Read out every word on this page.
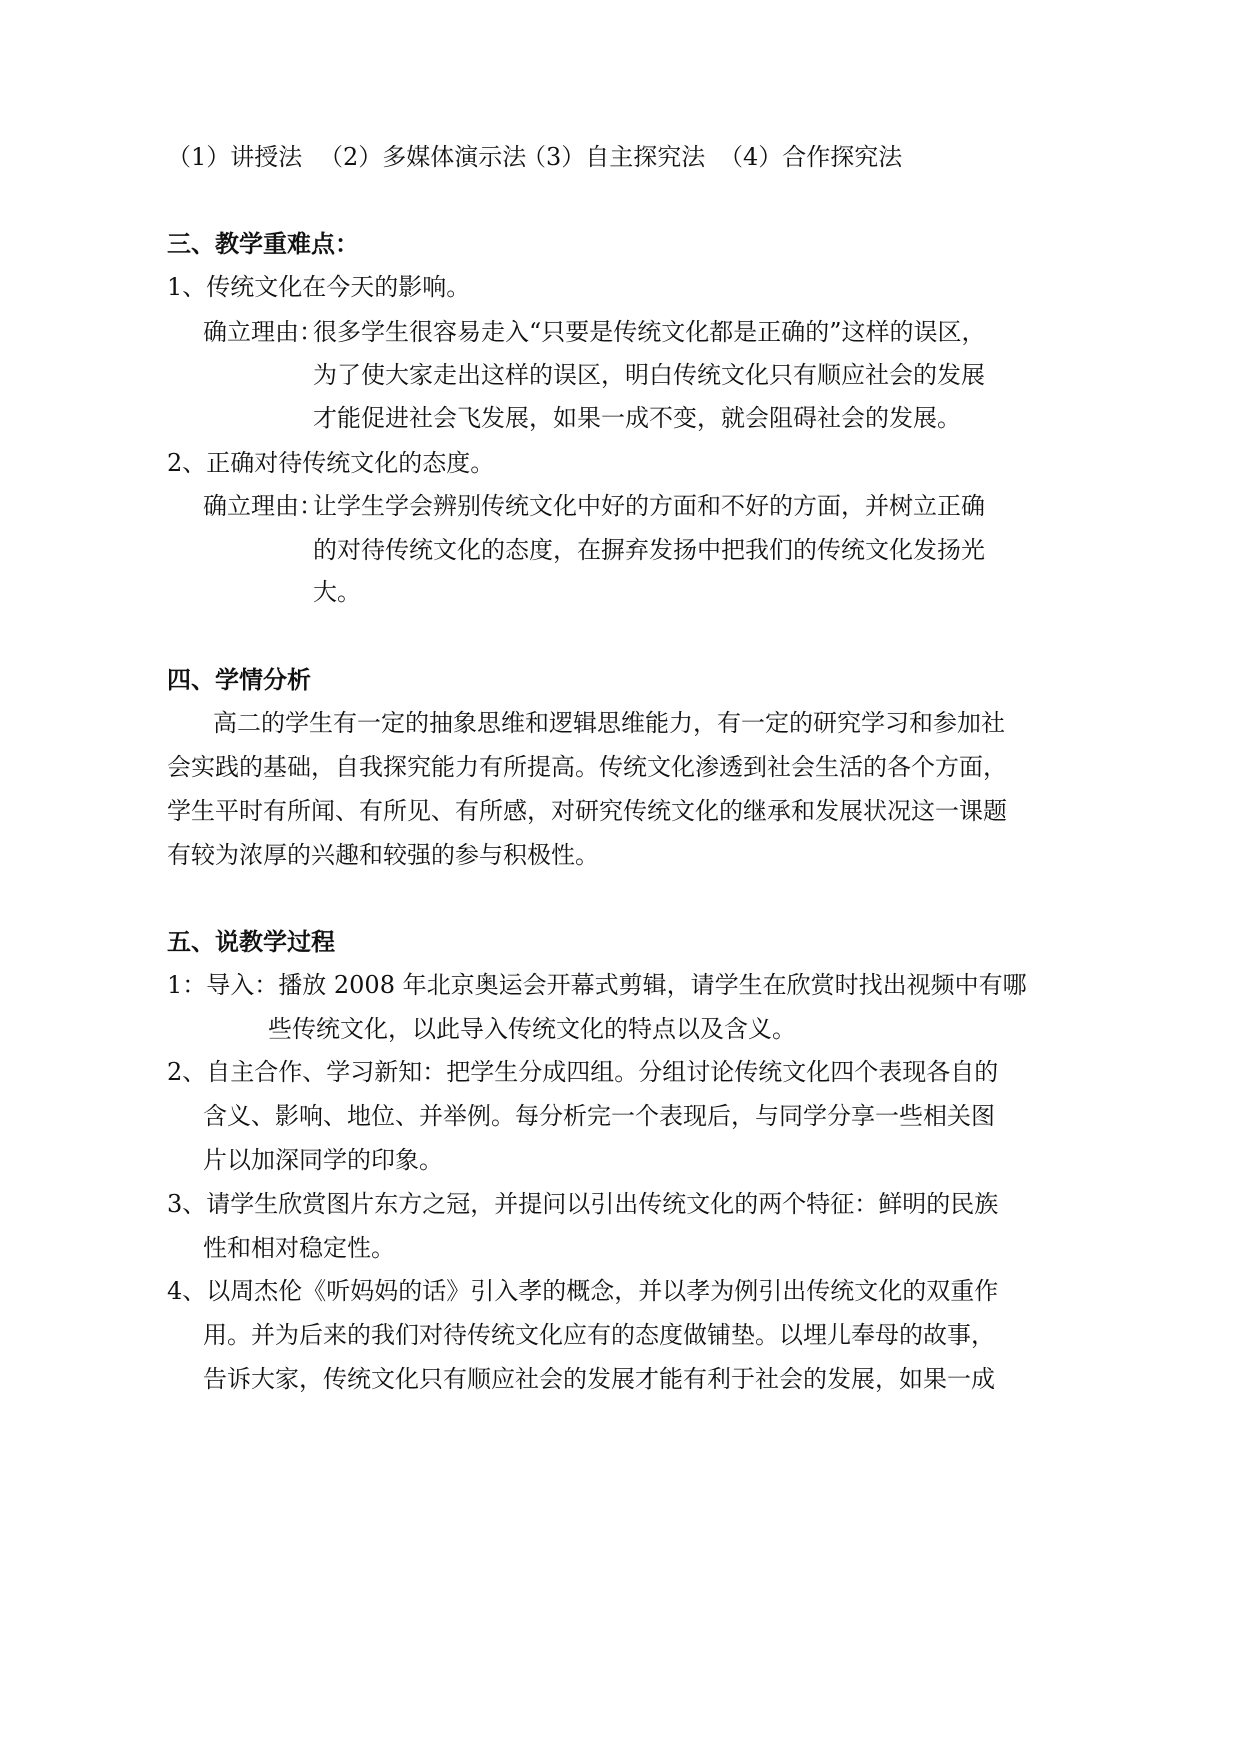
（1）讲授法 （2）多媒体演示法
（3）自主探究法 （4）合作探究法
三、教学重难点：
1、传统文化在今天的影响。
确立理由：
很多学生很容易走入“只要是传统文化都是正确的”这样的误区，
为了使大家走出这样的误区，明白传统文化只有顺应社会的发展
才能促进社会飞发展，如果一成不变，就会阻碍社会的发展。
2、正确对待传统文化的态度。
确立理由：
让学生学会辨别传统文化中好的方面和不好的方面，并树立正确
的对待传统文化的态度，在摒弃发扬中把我们的传统文化发扬光
大。
四、学情分析
高二的学生有一定的抽象思维和逻辑思维能力，有一定的研究学习和参加社
会实践的基础，自我探究能力有所提高。传统文化渗透到社会生活的各个方面，
学生平时有所闻、有所见、有所感，对研究传统文化的继承和发展状况这一课题
有较为浓厚的兴趣和较强的参与积极性。
五、说教学过程
1：导入：播放 2008 年北京奥运会开幕式剪辑，请学生在欣赏时找出视频中有哪
些传统文化，以此导入传统文化的特点以及含义。
2、自主合作、学习新知：把学生分成四组。分组讨论传统文化四个表现各自的
含义、影响、地位、并举例。每分析完一个表现后，与同学分享一些相关图
片以加深同学的印象。
3、请学生欣赏图片东方之冠，并提问以引出传统文化的两个特征：鲜明的民族
性和相对稳定性。
4、以周杰伦《听妈妈的话》引入孝的概念，并以孝为例引出传统文化的双重作
用。并为后来的我们对待传统文化应有的态度做铺垫。以埋儿奉母的故事，
告诉大家，传统文化只有顺应社会的发展才能有利于社会的发展，如果一成
